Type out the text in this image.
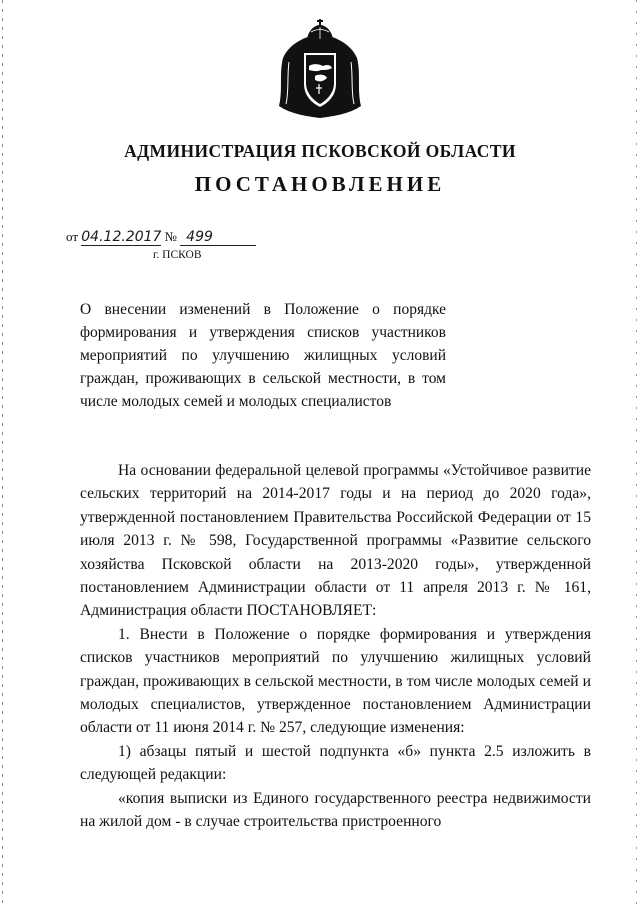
АДМИНИСТРАЦИЯ ПСКОВСКОЙ ОБЛАСТИ
ПОСТАНОВЛЕНИЕ
от 04.12.2017 № 499
г. ПСКОВ
О внесении изменений в Положение о порядке формирования и утверждения списков участников мероприятий по улучшению жилищных условий граждан, проживающих в сельской местности, в том числе молодых семей и молодых специалистов

На основании федеральной целевой программы «Устойчивое развитие сельских территорий на 2014-2017 годы и на период до 2020 года», утвержденной постановлением Правительства Российской Федерации от 15 июля 2013 г. № 598, Государственной программы «Развитие сельского хозяйства Псковской области на 2013-2020 годы», утвержденной постановлением Администрации области от 11 апреля 2013 г. № 161, Администрация области ПОСТАНОВЛЯЕТ:

1. Внести в Положение о порядке формирования и утверждения списков участников мероприятий по улучшению жилищных условий граждан, проживающих в сельской местности, в том числе молодых семей и молодых специалистов, утвержденное постановлением Администрации области от 11 июня 2014 г. № 257, следующие изменения:

1) абзацы пятый и шестой подпункта «б» пункта 2.5 изложить в следующей редакции:

«копия выписки из Единого государственного реестра недвижимости на жилой дом - в случае строительства пристроенного
